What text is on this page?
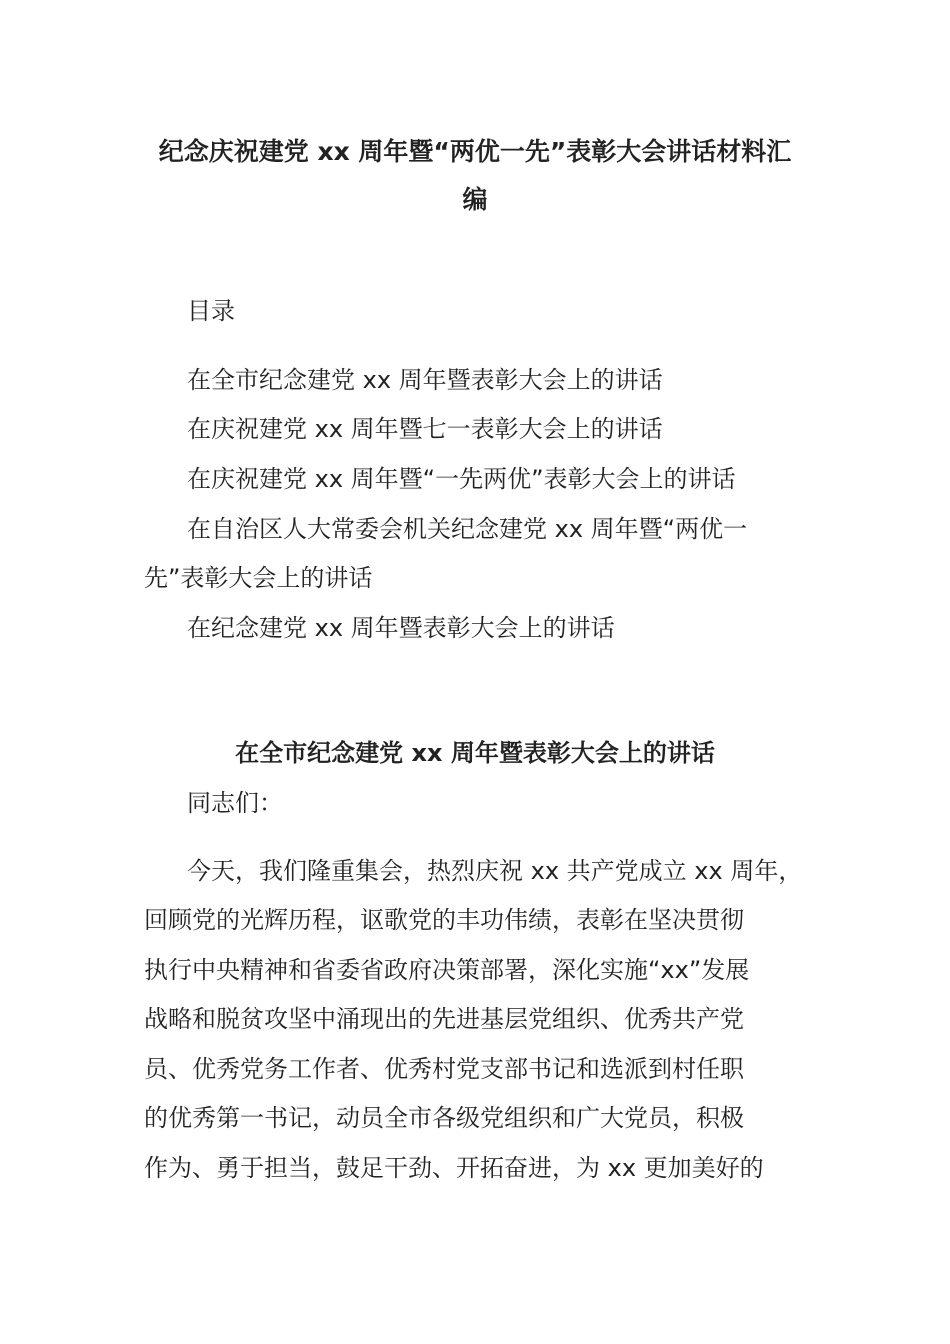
纪念庆祝建党 xx 周年暨“两优一先”表彰大会讲话材料汇
编
目录
在全市纪念建党 xx 周年暨表彰大会上的讲话
在庆祝建党 xx 周年暨七一表彰大会上的讲话
在庆祝建党 xx 周年暨“一先两优”表彰大会上的讲话
在自治区人大常委会机关纪念建党 xx 周年暨“两优一
先”表彰大会上的讲话
在纪念建党 xx 周年暨表彰大会上的讲话
在全市纪念建党 xx 周年暨表彰大会上的讲话
同志们：
今天，我们隆重集会，热烈庆祝 xx 共产党成立 xx 周年，
回顾党的光辉历程，讴歌党的丰功伟绩，表彰在坚决贯彻
执行中央精神和省委省政府决策部署，深化实施“xx”发展
战略和脱贫攻坚中涌现出的先进基层党组织、优秀共产党
员、优秀党务工作者、优秀村党支部书记和选派到村任职
的优秀第一书记，动员全市各级党组织和广大党员，积极
作为、勇于担当，鼓足干劲、开拓奋进，为 xx 更加美好的
